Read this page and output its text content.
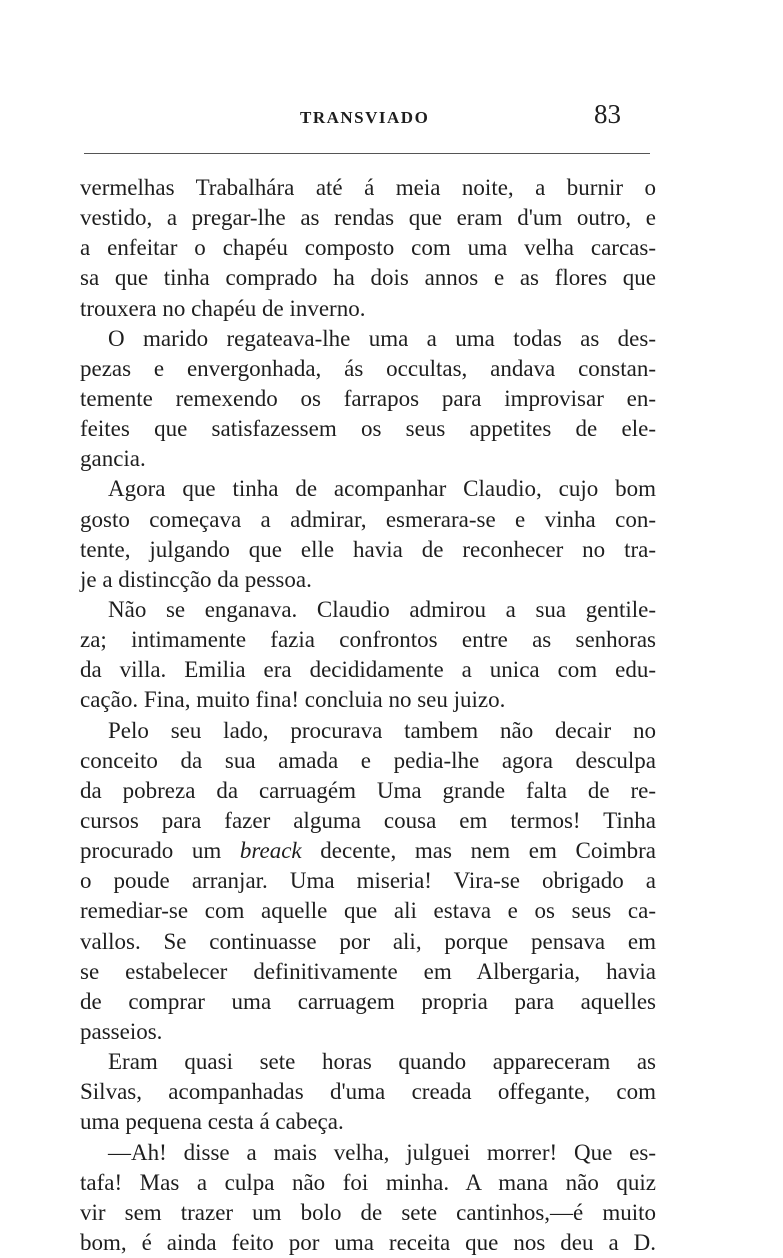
TRANSVIADO	83
vermelhas Trabalhára até á meia noite, a burnir o
vestido, a pregar-lhe as rendas que eram d'um outro, e
a enfeitar o chapéu composto com uma velha carcas-
sa que tinha comprado ha dois annos e as flores que
trouxera no chapéu de inverno.
O marido regateava-lhe uma a uma todas as des-
pezas e envergonhada, ás occultas, andava constan-
temente remexendo os farrapos para improvisar en-
feites que satisfazessem os seus appetites de ele-
gancia.
Agora que tinha de acompanhar Claudio, cujo bom
gosto começava a admirar, esmerara-se e vinha con-
tente, julgando que elle havia de reconhecer no tra-
je a distincção da pessoa.
Não se enganava. Claudio admirou a sua gentile-
za; intimamente fazia confrontos entre as senhoras
da villa. Emilia era decididamente a unica com edu-
cação. Fina, muito fina! concluia no seu juizo.
Pelo seu lado, procurava tambem não decair no
conceito da sua amada e pedia-lhe agora desculpa
da pobreza da carruagém Uma grande falta de re-
cursos para fazer alguma cousa em termos! Tinha
procurado um breack decente, mas nem em Coimbra
o poude arranjar. Uma miseria! Vira-se obrigado a
remediar-se com aquelle que ali estava e os seus ca-
vallos. Se continuasse por ali, porque pensava em
se estabelecer definitivamente em Albergaria, havia
de comprar uma carruagem propria para aquelles
passeios.
Eram quasi sete horas quando appareceram as
Silvas, acompanhadas d'uma creada offegante, com
uma pequena cesta á cabeça.
—Ah! disse a mais velha, julguei morrer! Que es-
tafa! Mas a culpa não foi minha. A mana não quiz
vir sem trazer um bolo de sete cantinhos,—é muito
bom, é ainda feito por uma receita que nos deu a D.
